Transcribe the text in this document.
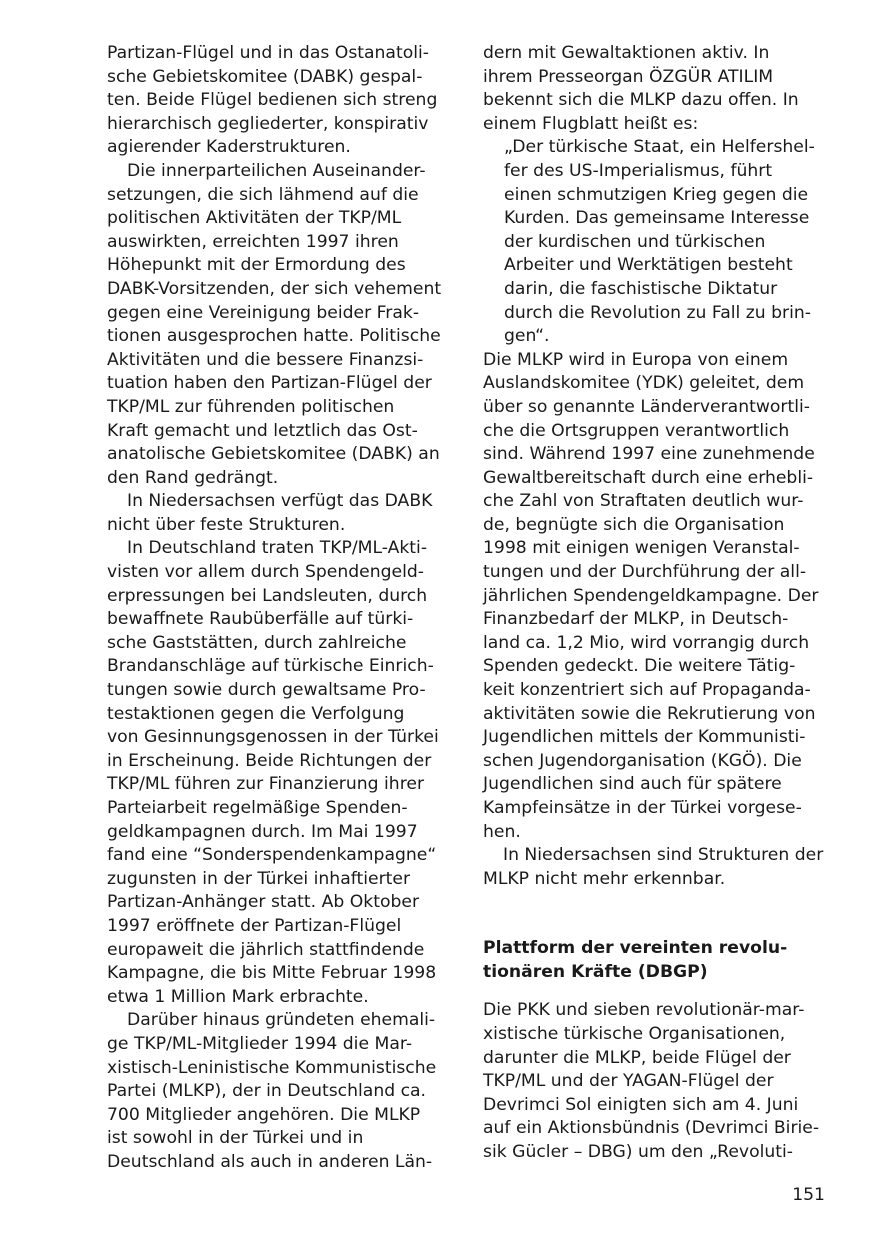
Partizan-Flügel und in das Ostanatoli-
sche Gebietskomitee (DABK) gespal-
ten. Beide Flügel bedienen sich streng
hierarchisch gegliederter, konspirativ
agierender Kaderstrukturen.
Die innerparteilichen Auseinander-
setzungen, die sich lähmend auf die
politischen Aktivitäten der TKP/ML
auswirkten, erreichten 1997 ihren
Höhepunkt mit der Ermordung des
DABK-Vorsitzenden, der sich vehement
gegen eine Vereinigung beider Frak-
tionen ausgesprochen hatte. Politische
Aktivitäten und die bessere Finanzsi-
tuation haben den Partizan-Flügel der
TKP/ML zur führenden politischen
Kraft gemacht und letztlich das Ost-
anatolische Gebietskomitee (DABK) an
den Rand gedrängt.
In Niedersachsen verfügt das DABK
nicht über feste Strukturen.
In Deutschland traten TKP/ML-Akti-
visten vor allem durch Spendengeld-
erpressungen bei Landsleuten, durch
bewaffnete Raubüberfälle auf türki-
sche Gaststätten, durch zahlreiche
Brandanschläge auf türkische Einrich-
tungen sowie durch gewaltsame Pro-
testaktionen gegen die Verfolgung
von Gesinnungsgenossen in der Türkei
in Erscheinung. Beide Richtungen der
TKP/ML führen zur Finanzierung ihrer
Parteiarbeit regelmäßige Spenden-
geldkampagnen durch. Im Mai 1997
fand eine “Sonderspendenkampagne“
zugunsten in der Türkei inhaftierter
Partizan-Anhänger statt. Ab Oktober
1997 eröffnete der Partizan-Flügel
europaweit die jährlich stattfindende
Kampagne, die bis Mitte Februar 1998
etwa 1 Million Mark erbrachte.
Darüber hinaus gründeten ehemali-
ge TKP/ML-Mitglieder 1994 die Mar-
xistisch-Leninistische Kommunistische
Partei (MLKP), der in Deutschland ca.
700 Mitglieder angehören. Die MLKP
ist sowohl in der Türkei und in
Deutschland als auch in anderen Län-
dern mit Gewaltaktionen aktiv. In
ihrem Presseorgan ÖZGÜR ATILIM
bekennt sich die MLKP dazu offen. In
einem Flugblatt heißt es:
„Der türkische Staat, ein Helfershel-
fer des US-Imperialismus, führt
einen schmutzigen Krieg gegen die
Kurden. Das gemeinsame Interesse
der kurdischen und türkischen
Arbeiter und Werktätigen besteht
darin, die faschistische Diktatur
durch die Revolution zu Fall zu brin-
gen“.
Die MLKP wird in Europa von einem
Auslandskomitee (YDK) geleitet, dem
über so genannte Länderverantwortli-
che die Ortsgruppen verantwortlich
sind. Während 1997 eine zunehmende
Gewaltbereitschaft durch eine erhebli-
che Zahl von Straftaten deutlich wur-
de, begnügte sich die Organisation
1998 mit einigen wenigen Veranstal-
tungen und der Durchführung der all-
jährlichen Spendengeldkampagne. Der
Finanzbedarf der MLKP, in Deutsch-
land ca. 1,2 Mio, wird vorrangig durch
Spenden gedeckt. Die weitere Tätig-
keit konzentriert sich auf Propaganda-
aktivitäten sowie die Rekrutierung von
Jugendlichen mittels der Kommunisti-
schen Jugendorganisation (KGÖ). Die
Jugendlichen sind auch für spätere
Kampfeinsätze in der Türkei vorgese-
hen.
In Niedersachsen sind Strukturen der
MLKP nicht mehr erkennbar.
Plattform der vereinten revolu-
tionären Kräfte (DBGP)
Die PKK und sieben revolutionär-mar-
xistische türkische Organisationen,
darunter die MLKP, beide Flügel der
TKP/ML und der YAGAN-Flügel der
Devrimci Sol einigten sich am 4. Juni
auf ein Aktionsbündnis (Devrimci Birie-
sik Gücler – DBG) um den „Revoluti-
151
